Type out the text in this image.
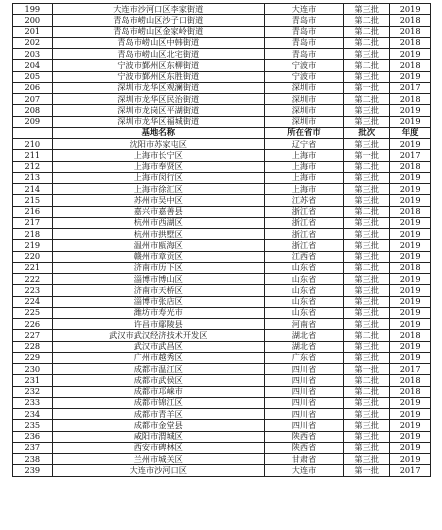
199	大连市沙河口区李家街道	大连市	第三批	2019
200	青岛市崂山区沙子口街道	青岛市	第二批	2018
201	青岛市崂山区金家岭街道	青岛市	第二批	2018
202	青岛市崂山区中韩街道	青岛市	第二批	2018
203	青岛市崂山区北宅街道	青岛市	第三批	2019
204	宁波市鄞州区东柳街道	宁波市	第二批	2018
205	宁波市鄞州区东胜街道	宁波市	第三批	2019
206	深圳市龙华区观澜街道	深圳市	第一批	2017
207	深圳市龙华区民治街道	深圳市	第二批	2018
208	深圳市龙岗区平湖街道	深圳市	第三批	2019
209	深圳市龙华区福城街道	深圳市	第三批	2019
	基地名称	所在省市	批次	年度
210	沈阳市苏家屯区	辽宁省	第三批	2019
211	上海市长宁区	上海市	第一批	2017
212	上海市奉贤区	上海市	第二批	2018
213	上海市闵行区	上海市	第三批	2019
214	上海市徐汇区	上海市	第三批	2019
215	苏州市吴中区	江苏省	第三批	2019
216	嘉兴市嘉善县	浙江省	第二批	2018
217	杭州市西湖区	浙江省	第三批	2019
218	杭州市拱墅区	浙江省	第三批	2019
219	温州市瓯海区	浙江省	第三批	2019
220	赣州市章贡区	江西省	第三批	2019
221	济南市历下区	山东省	第二批	2018
222	淄博市博山区	山东省	第三批	2019
223	济南市天桥区	山东省	第三批	2019
224	淄博市张店区	山东省	第三批	2019
225	潍坊市寿光市	山东省	第三批	2019
226	许昌市鄢陵县	河南省	第三批	2019
227	武汉市武汉经济技术开发区	湖北省	第二批	2018
228	武汉市武昌区	湖北省	第三批	2019
229	广州市越秀区	广东省	第三批	2019
230	成都市温江区	四川省	第一批	2017
231	成都市武侯区	四川省	第二批	2018
232	成都市邛崃市	四川省	第二批	2018
233	成都市锦江区	四川省	第三批	2019
234	成都市青羊区	四川省	第三批	2019
235	成都市金堂县	四川省	第三批	2019
236	咸阳市渭城区	陕西省	第三批	2019
237	西安市碑林区	陕西省	第三批	2019
238	兰州市城关区	甘肃省	第三批	2019
239	大连市沙河口区	大连市	第一批	2017
